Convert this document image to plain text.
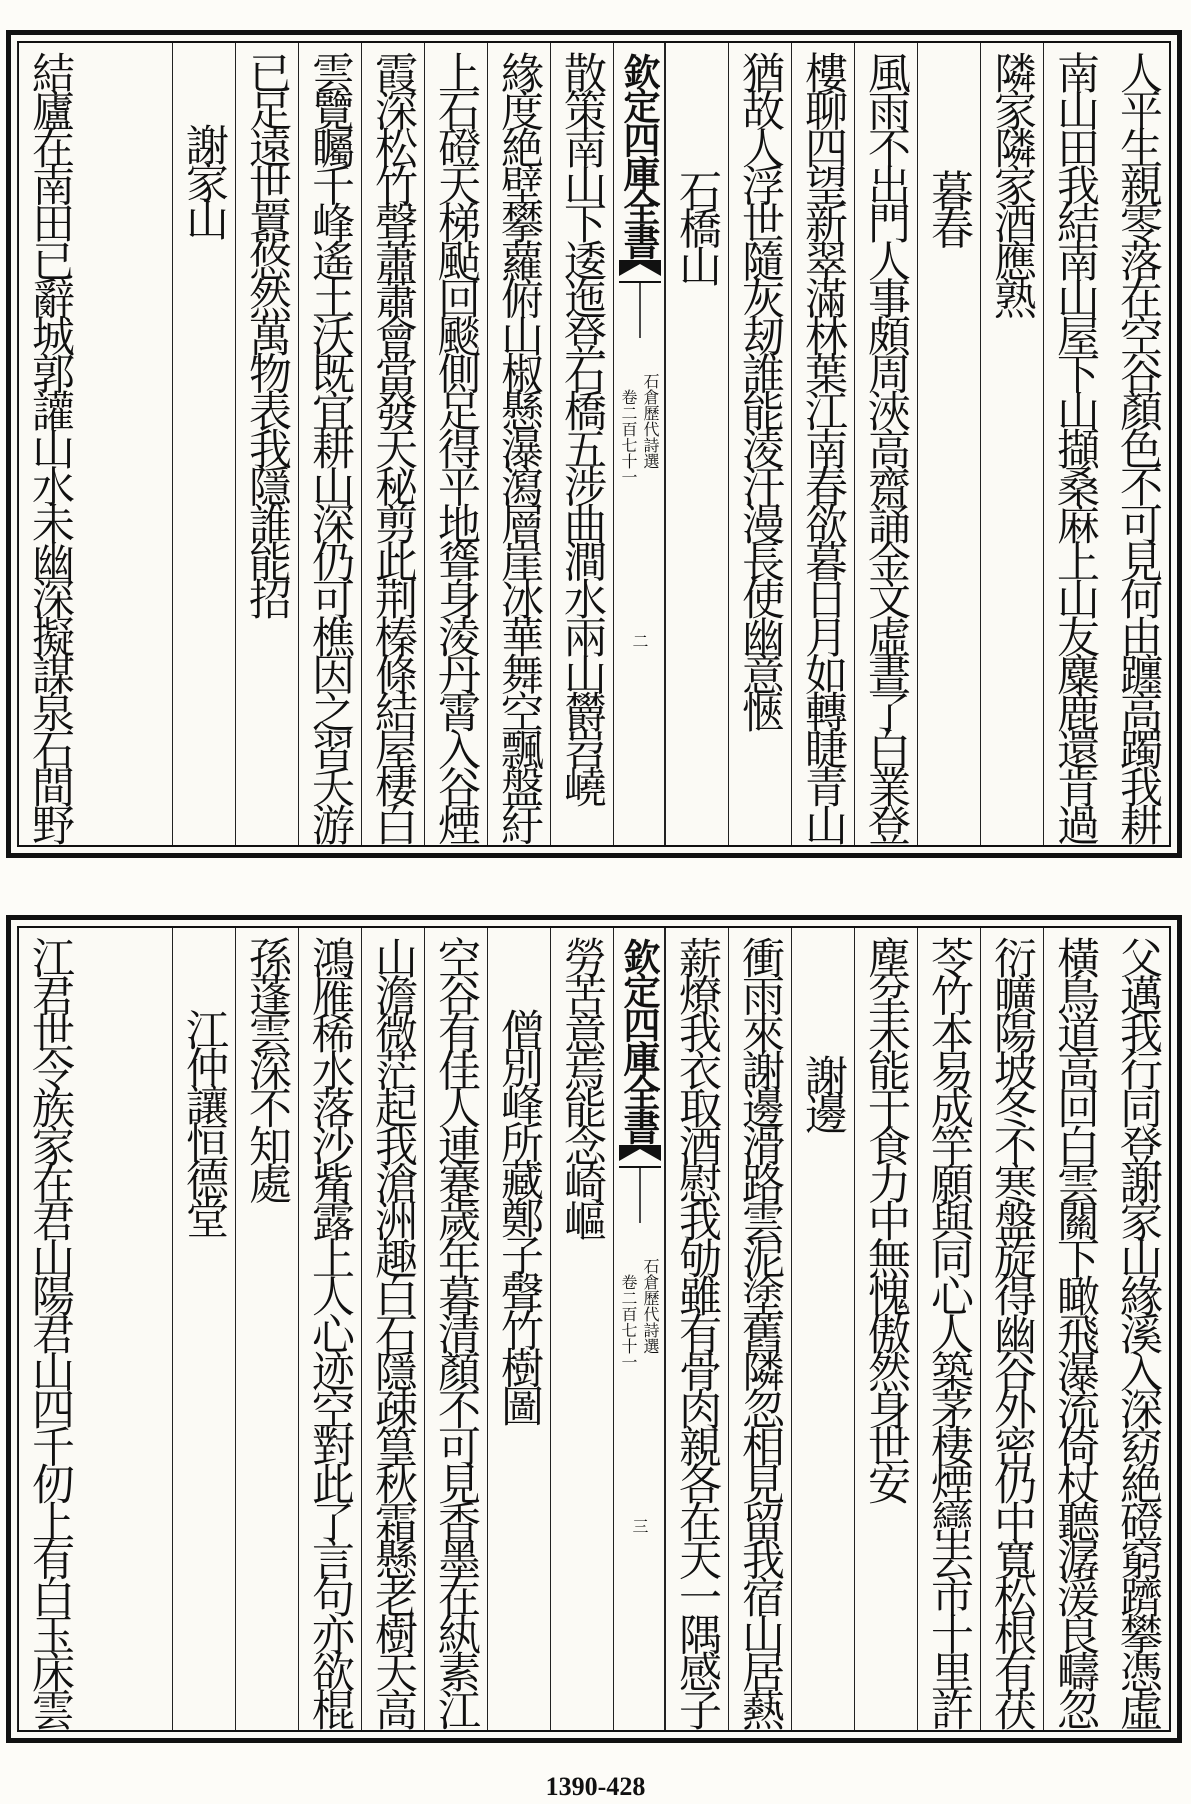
人平生親零落在空谷顏色不可見何由躔高躅我耕
南山田我結南山屋下山擷桑麻上山友麋鹿還肯過
隣家隣家酒應熟
暮春
風雨不出門人事頗周浹高齋誦金文虛晝了白業登
樓聊四望新翠滿林葉江南春欲暮日月如轉睫青山
猶故人浮世隨灰刼誰能淩汗漫長使幽意愜
石橋山
欽定四庫全書
石倉歷代詩選
卷二百七十一
二
散策南山下逶迤登石橋五涉曲澗水兩山欝岧嶢
緣度絶壁攀蘿俯山椒懸瀑瀉層崖冰華舞空飄盤紆
上石磴天梯颭回颷側足得平地聳身淩丹霄入谷煙
霞深松竹聲蕭蕭會當發天秘剪此荆榛條結屋棲白
雲覽矚千峰遙土沃既宜耕山深仍可樵因之習夭游
已足遠世囂悠然萬物表我隱誰能招
謝家山
結廬在南田已辭城郭讙山水未幽深擬謀泉石間野
父邁我行同登謝家山緣溪入深窈絶磴窮躋攀憑虛
橫鳥道高回白雲關下瞰飛瀑流倚杖聽潺湲良疇忽
衍曠陽坡冬不寒盤旋得幽谷外密仍中寬松根有茯
苓竹本易成竿願與同心人築茅棲煙巒去市十里許
塵坌未能干食力中無愧傲然身世安
謝邊
衝雨來謝邊滑路雲泥塗舊隣忽相見留我宿山居爇
薪燎我衣取酒慰我劬雖有骨肉親各在天一隅感子
欽定四庫全書
石倉歷代詩選
卷二百七十一
三
勞苦意焉能念崎嶇
僧別峰所藏鄭子聲竹樹圖
空谷有佳人連蹇歲年暮清顏不可見香墨在紈素江
山澹微茫起我滄洲趣白石隱疎篁秋霜懸老樹天高
鴻雁稀水落沙觜露上人心迹空對此了言句亦欲棍
孫蓬雲深不知處
江仲讓恒德堂
江君世令族家在君山陽君山四千仞上有白玉床雲
1390-428
